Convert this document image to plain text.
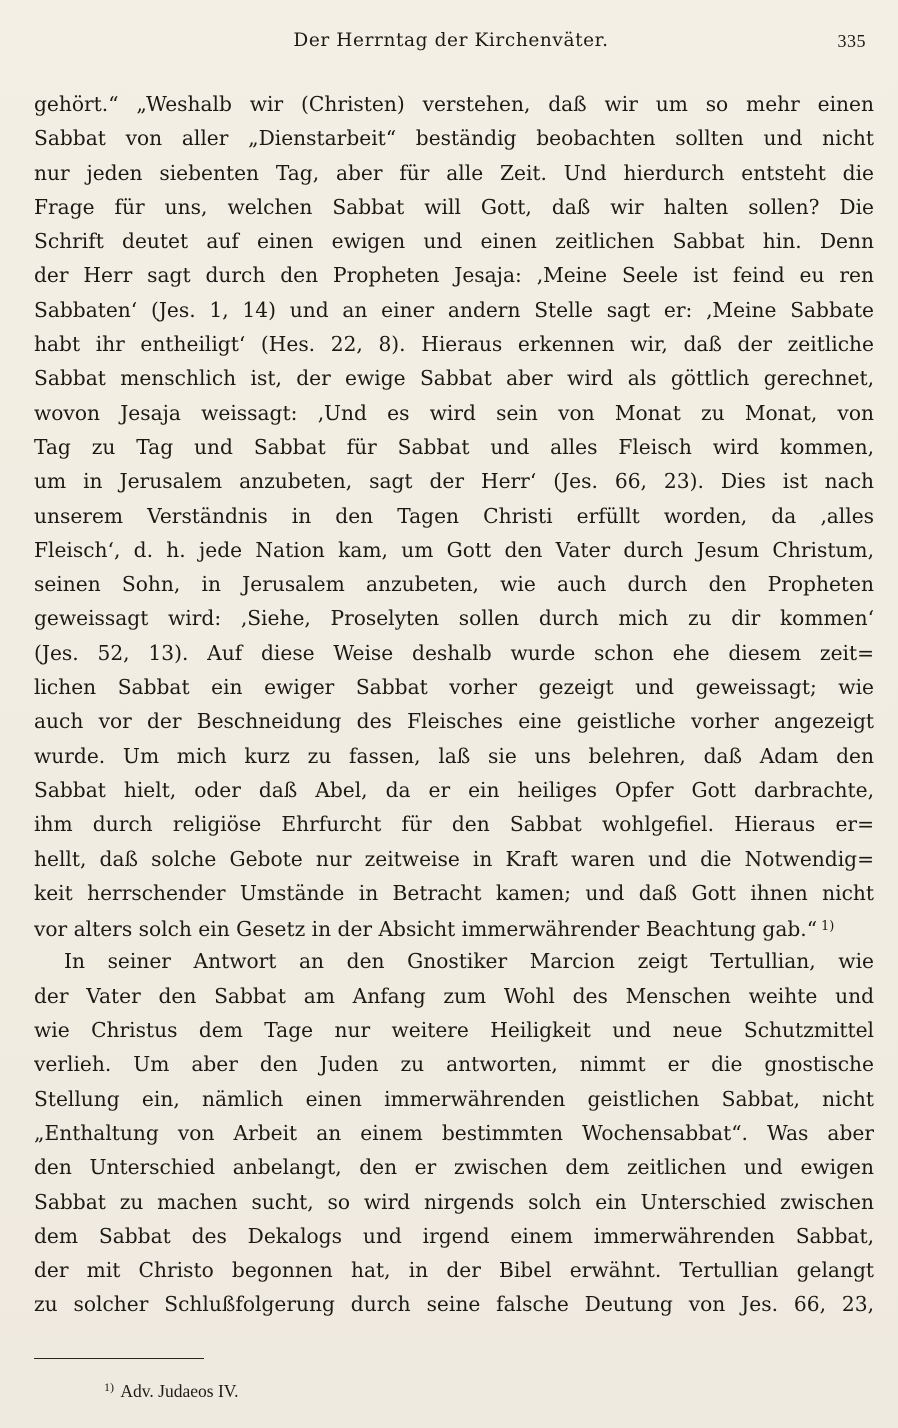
Der Herrntag der Kirchenväter.	335
gehört.“ „Weshalb wir (Christen) verstehen, daß wir um so mehr einen
Sabbat von aller „Dienstarbeit“ beständig beobachten sollten und nicht
nur jeden siebenten Tag, aber für alle Zeit. Und hierdurch entsteht die
Frage für uns, welchen Sabbat will Gott, daß wir halten sollen? Die
Schrift deutet auf einen ewigen und einen zeitlichen Sabbat hin. Denn
der Herr sagt durch den Propheten Jesaja: ‚Meine Seele ist feind eu ren
Sabbaten‘ (Jes. 1, 14) und an einer andern Stelle sagt er: ‚Meine Sabbate
habt ihr entheiligt‘ (Hes. 22, 8). Hieraus erkennen wir, daß der zeitliche
Sabbat menschlich ist, der ewige Sabbat aber wird als göttlich gerechnet,
wovon Jesaja weissagt: ‚Und es wird sein von Monat zu Monat, von
Tag zu Tag und Sabbat für Sabbat und alles Fleisch wird kommen,
um in Jerusalem anzubeten, sagt der Herr‘ (Jes. 66, 23). Dies ist nach
unserem Verständnis in den Tagen Christi erfüllt worden, da ‚alles
Fleisch‘, d. h. jede Nation kam, um Gott den Vater durch Jesum Christum,
seinen Sohn, in Jerusalem anzubeten, wie auch durch den Propheten
geweissagt wird: ‚Siehe, Proselyten sollen durch mich zu dir kommen‘
(Jes. 52, 13). Auf diese Weise deshalb wurde schon ehe diesem zeit=
lichen Sabbat ein ewiger Sabbat vorher gezeigt und geweissagt; wie
auch vor der Beschneidung des Fleisches eine geistliche vorher angezeigt
wurde. Um mich kurz zu fassen, laß sie uns belehren, daß Adam den
Sabbat hielt, oder daß Abel, da er ein heiliges Opfer Gott darbrachte,
ihm durch religiöse Ehrfurcht für den Sabbat wohlgefiel. Hieraus er=
hellt, daß solche Gebote nur zeitweise in Kraft waren und die Notwendig=
keit herrschender Umstände in Betracht kamen; und daß Gott ihnen nicht
vor alters solch ein Gesetz in der Absicht immerwährender Beachtung gab.“ $^{1)}$
In seiner Antwort an den Gnostiker Marcion zeigt Tertullian, wie
der Vater den Sabbat am Anfang zum Wohl des Menschen weihte und
wie Christus dem Tage nur weitere Heiligkeit und neue Schutzmittel
verlieh. Um aber den Juden zu antworten, nimmt er die gnostische
Stellung ein, nämlich einen immerwährenden geistlichen Sabbat, nicht
„Enthaltung von Arbeit an einem bestimmten Wochensabbat“. Was aber
den Unterschied anbelangt, den er zwischen dem zeitlichen und ewigen
Sabbat zu machen sucht, so wird nirgends solch ein Unterschied zwischen
dem Sabbat des Dekalogs und irgend einem immerwährenden Sabbat,
der mit Christo begonnen hat, in der Bibel erwähnt. Tertullian gelangt
zu solcher Schlußfolgerung durch seine falsche Deutung von Jes. 66, 23,
$^{1)}$ Adv. Judaeos IV.
